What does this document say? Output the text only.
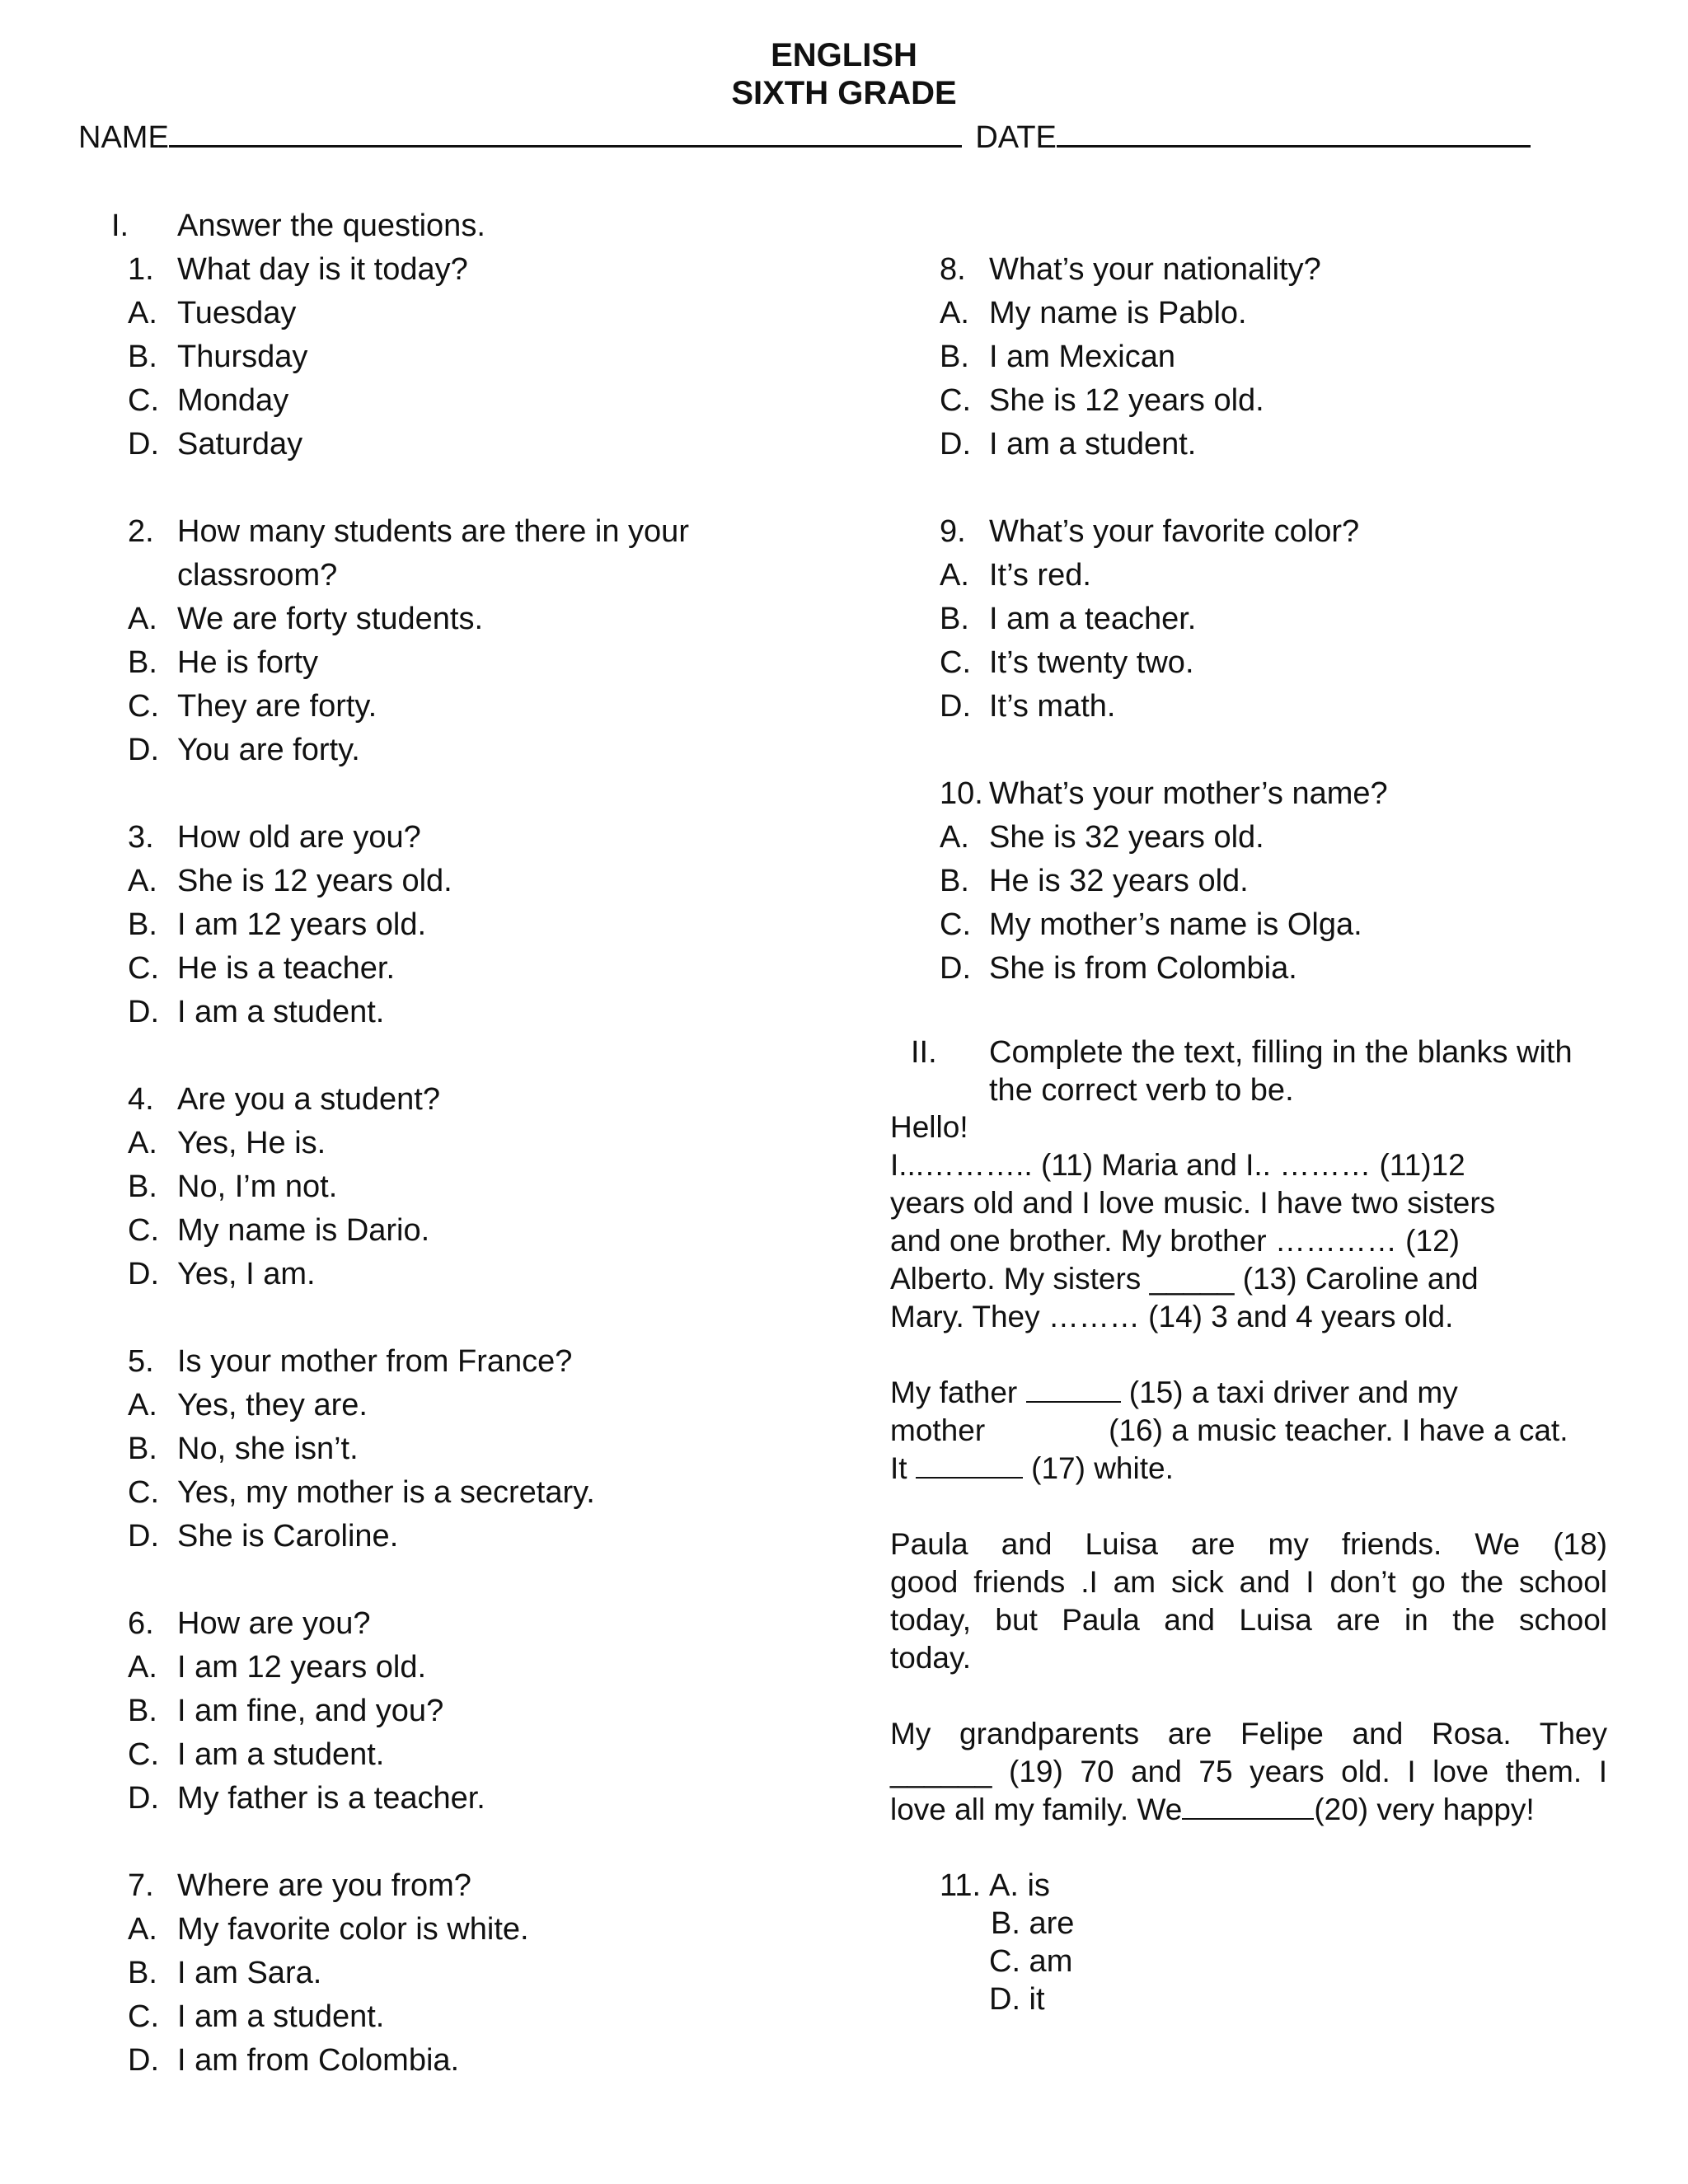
ENGLISH
SIXTH GRADE
NAME	DATE
I. Answer the questions.
1. What day is it today?
A. Tuesday
B. Thursday
C. Monday
D. Saturday
2. How many students are there in your
classroom?
A. We are forty students.
B. He is forty
C. They are forty.
D. You are forty.
3. How old are you?
A. She is 12 years old.
B. I am 12 years old.
C. He is a teacher.
D. I am a student.
4. Are you a student?
A. Yes, He is.
B. No, I’m not.
C. My name is Dario.
D. Yes, I am.
5. Is your mother from France?
A. Yes, they are.
B. No, she isn’t.
C. Yes, my mother is a secretary.
D. She is Caroline.
6. How are you?
A. I am 12 years old.
B. I am fine, and you?
C. I am a student.
D. My father is a teacher.
7. Where are you from?
A. My favorite color is white.
B. I am Sara.
C. I am a student.
D. I am from Colombia.
8. What’s your nationality?
A. My name is Pablo.
B. I am Mexican
C. She is 12 years old.
D. I am a student.
9. What’s your favorite color?
A. It’s red.
B. I am a teacher.
C. It’s twenty two.
D. It’s math.
10. What’s your mother’s name?
A. She is 32 years old.
B. He is 32 years old.
C. My mother’s name is Olga.
D. She is from Colombia.
II. Complete the text, filling in the blanks with
the correct verb to be.

Hello!

I...……….. (11) Maria and I.. ……… (11)12

years old and I love music. I have two sisters

and one brother. My brother ………… (12)

Alberto. My sisters _____ (13) Caroline and

Mary. They ……… (14) 3 and 4 years old.

My father	(15) a taxi driver and my

mother	(16) a music teacher. I have a cat.

It	(17) white.

Paula and Luisa are my friends. We (18)

good friends .I am sick and I don’t go the school

today, but Paula and Luisa are in the school

today.

My grandparents are Felipe and Rosa. They

______ (19) 70 and 75 years old. I love them. I

love all my family. We	(20) very happy!

11. A. is
B. are
C. am
D. it
